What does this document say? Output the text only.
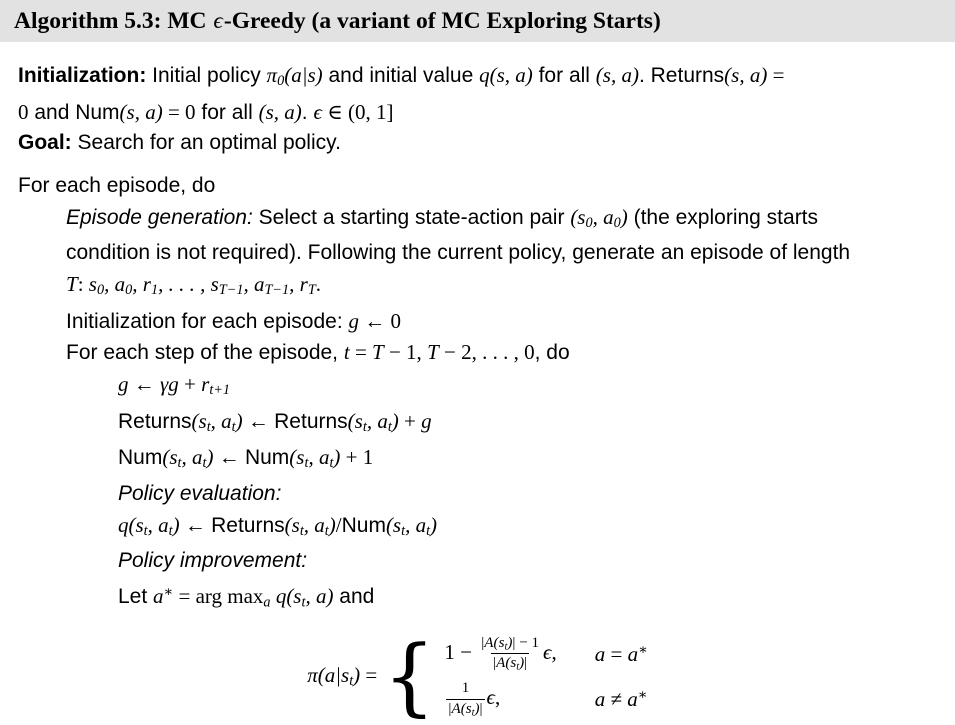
Algorithm 5.3: MC ϵ-Greedy (a variant of MC Exploring Starts)
Initialization: Initial policy π0(a|s) and initial value q(s, a) for all (s, a). Returns(s, a) =
0 and Num(s, a) = 0 for all (s, a). ϵ ∈ (0, 1]
Goal: Search for an optimal policy.
For each episode, do
Episode generation: Select a starting state-action pair (s0, a0) (the exploring starts
condition is not required). Following the current policy, generate an episode of length
T: s0, a0, r1, . . . , sT−1, aT−1, rT.
Initialization for each episode: g ← 0
For each step of the episode, t = T − 1, T − 2, . . . , 0, do
g ← γg + rt+1
Returns(st, at) ← Returns(st, at) + g
Num(st, at) ← Num(st, at) + 1
Policy evaluation:
q(st, at) ← Returns(st, at)/Num(st, at)
Policy improvement:
Let a∗ = arg maxa q(st, a) and
π(a|st) = { $1 - \frac{|A(st)| - 1}{|A(st)|} \epsilon$, a = a∗
$\frac{1}{|A(st)|} \epsilon$,	a ≠ a∗
